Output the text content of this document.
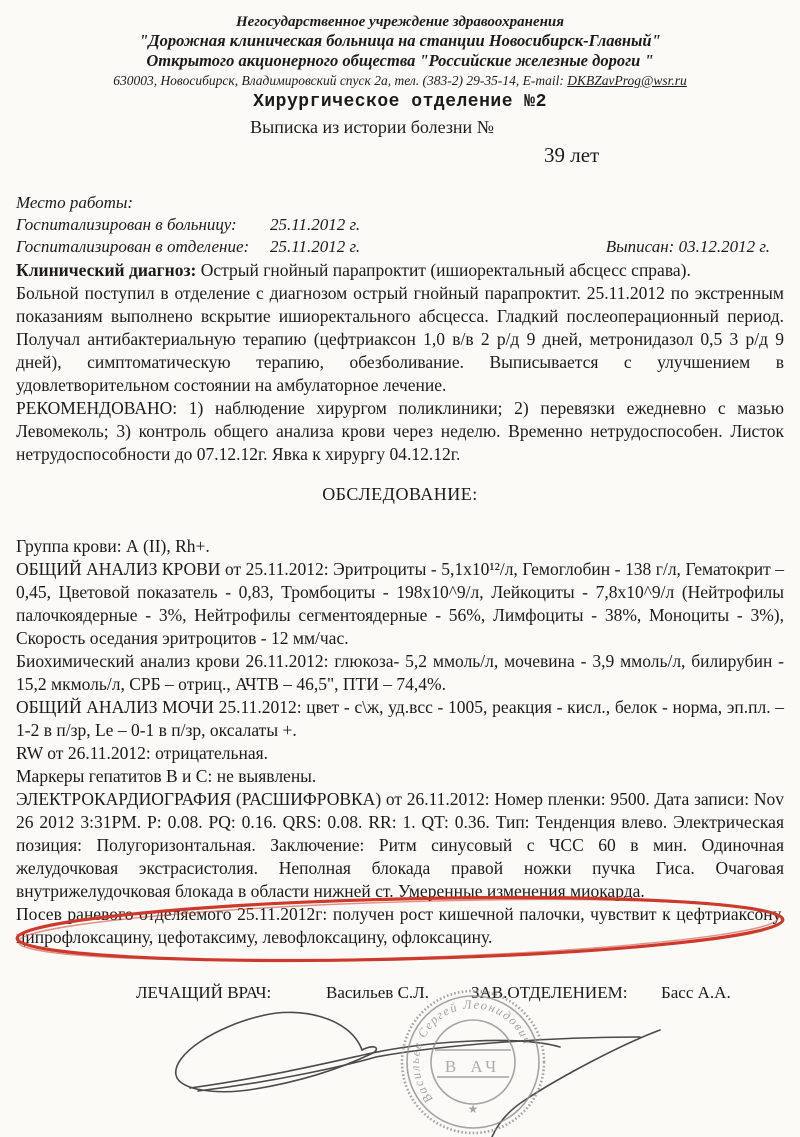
Негосударственное учреждение здравоохранения
"Дорожная клиническая больница на станции Новосибирск-Главный"
Открытого акционерного общества "Российские железные дороги "
630003, Новосибирск, Владимировский спуск 2а, тел. (383-2) 29-35-14, E-mail: DKBZavProg@wsr.ru
Хирургическое отделение №2
Выписка из истории болезни №
39 лет
Место работы:
Госпитализирован в больницу:	25.11.2012 г.
Госпитализирован в отделение:	25.11.2012 г.	Выписан: 03.12.2012 г.

Клинический диагноз: Острый гнойный парапроктит (ишиоректальный абсцесс справа).

Больной поступил в отделение с диагнозом острый гнойный парапроктит. 25.11.2012 по экстренным показаниям выполнено вскрытие ишиоректального абсцесса. Гладкий послеоперационный период. Получал антибактериальную терапию (цефтриаксон 1,0 в/в 2 р/д 9 дней, метронидазол 0,5 3 р/д 9 дней), симптоматическую терапию, обезболивание. Выписывается с улучшением в удовлетворительном состоянии на амбулаторное лечение.

РЕКОМЕНДОВАНО: 1) наблюдение хирургом поликлиники; 2) перевязки ежедневно с мазью Левомеколь; 3) контроль общего анализа крови через неделю. Временно нетрудоспособен. Листок нетрудоспособности до 07.12.12г. Явка к хирургу 04.12.12г.

ОБСЛЕДОВАНИЕ:

Группа крови: А (II), Rh+.

ОБЩИЙ АНАЛИЗ КРОВИ от 25.11.2012: Эритроциты - 5,1х10¹²/л, Гемоглобин - 138 г/л, Гематокрит – 0,45, Цветовой показатель - 0,83, Тромбоциты - 198х10^9/л, Лейкоциты - 7,8х10^9/л (Нейтрофилы палочкоядерные - 3%, Нейтрофилы сегментоядерные - 56%, Лимфоциты - 38%, Моноциты - 3%), Скорость оседания эритроцитов - 12 мм/час.

Биохимический анализ крови 26.11.2012: глюкоза- 5,2 ммоль/л, мочевина - 3,9 ммоль/л, билирубин - 15,2 мкмоль/л, СРБ – отриц., АЧТВ – 46,5", ПТИ – 74,4%.

ОБЩИЙ АНАЛИЗ МОЧИ 25.11.2012: цвет - с\ж, уд.вcc - 1005, реакция - кисл., белок - норма, эп.пл. – 1-2 в п/зр, Le – 0-1 в п/зр, оксалаты +.

RW от 26.11.2012: отрицательная.

Маркеры гепатитов В и С: не выявлены.

ЭЛЕКТРОКАРДИОГРАФИЯ (РАСШИФРОВКА) от 26.11.2012: Номер пленки: 9500. Дата записи: Nov 26 2012 3:31PM. P: 0.08. PQ: 0.16. QRS: 0.08. RR: 1. QT: 0.36. Тип: Тенденция влево. Электрическая позиция: Полугоризонтальная. Заключение: Ритм синусовый с ЧСС 60 в мин. Одиночная желудочковая экстрасистолия. Неполная блокада правой ножки пучка Гиса. Очаговая внутрижелудочковая блокада в области нижней ст. Умеренные изменения миокарда.

Посев раневого отделяемого 25.11.2012г: получен рост кишечной палочки, чувствит к цефтриаксону, ципрофлоксацину, цефотаксиму, левофлоксацину, офлоксацину.

ЛЕЧАЩИЙ ВРАЧ:	Васильев С.Л.	ЗАВ.ОТДЕЛЕНИЕМ:	Басс А.А.
Васильев Сергей Леонидович
В АЧ
★
